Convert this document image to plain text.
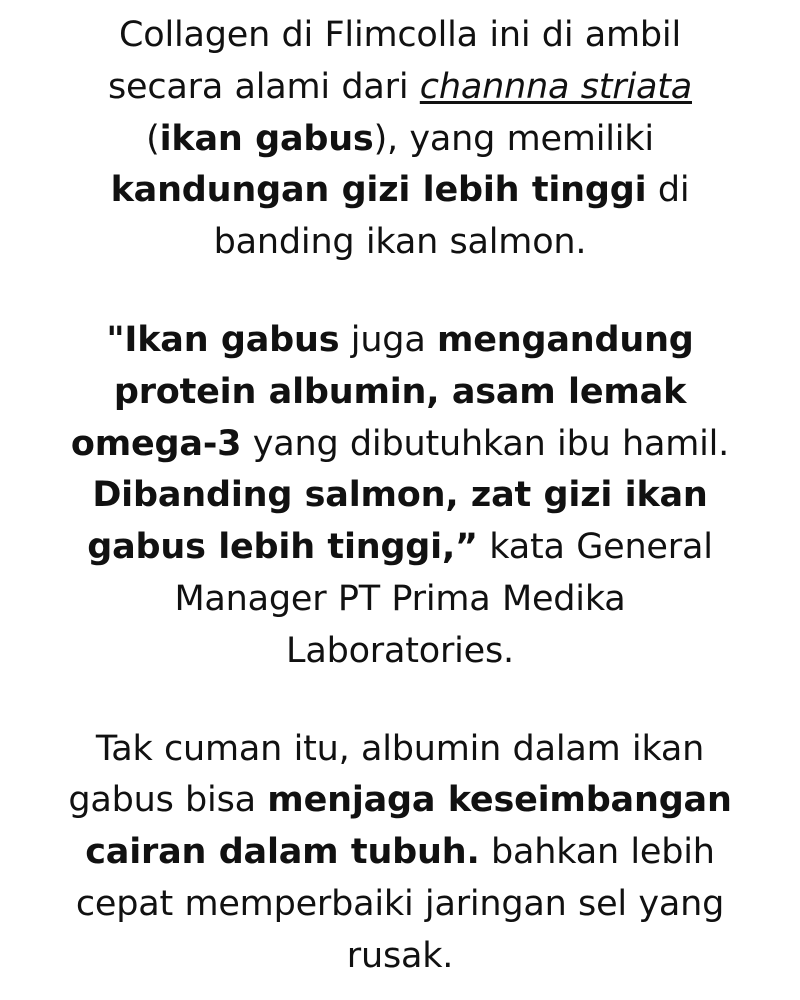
Collagen di Flimcolla ini di ambil secara alami dari channna striata (ikan gabus), yang memiliki kandungan gizi lebih tinggi di banding ikan salmon.

"Ikan gabus juga mengandung protein albumin, asam lemak omega-3 yang dibutuhkan ibu hamil. Dibanding salmon, zat gizi ikan gabus lebih tinggi,” kata General Manager PT Prima Medika Laboratories.

Tak cuman itu, albumin dalam ikan gabus bisa menjaga keseimbangan cairan dalam tubuh. bahkan lebih cepat memperbaiki jaringan sel yang rusak.
